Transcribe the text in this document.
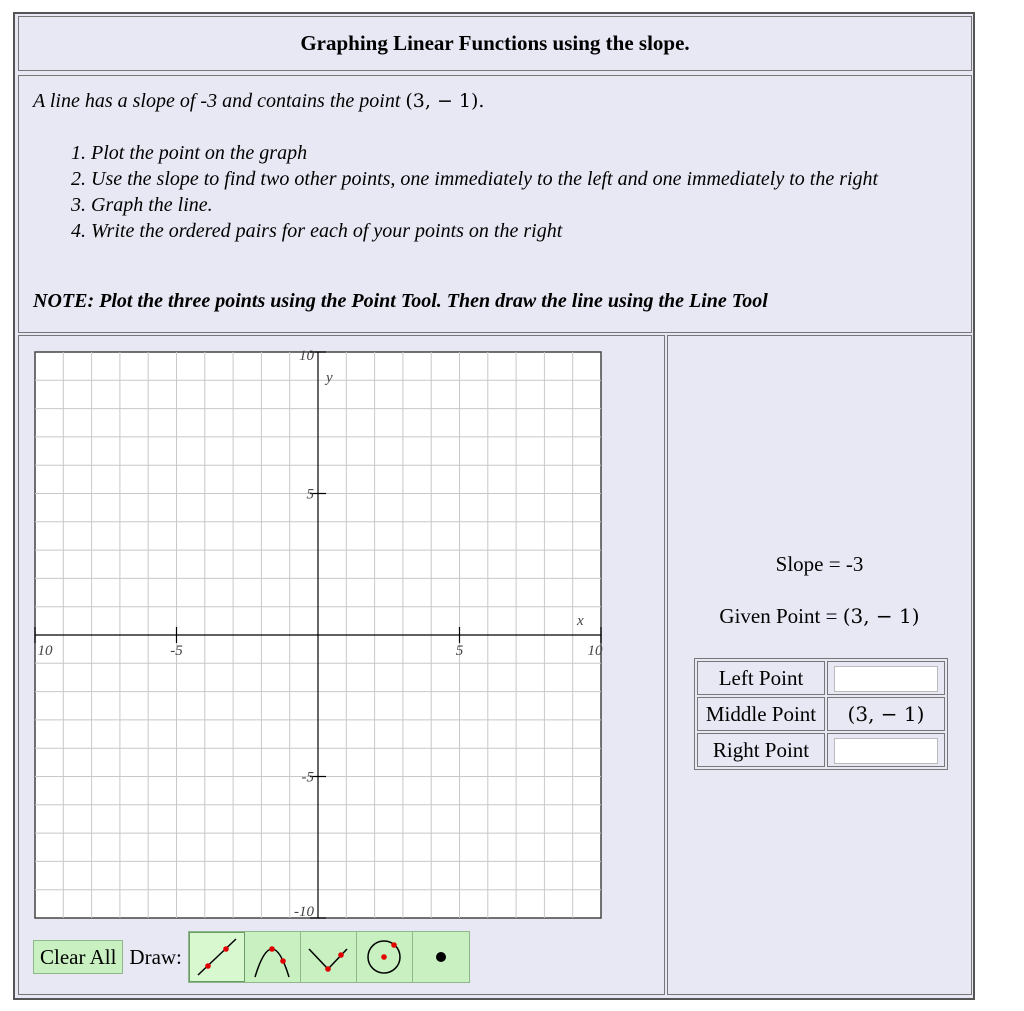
Graphing Linear Functions using the slope.
A line has a slope of -3 and contains the point (3, − 1).
1. Plot the point on the graph
2. Use the slope to find two other points, one immediately to the left and one immediately to the right
3. Graph the line.
4. Write the ordered pairs for each of your points on the right
NOTE: Plot the three points using the Point Tool. Then draw the line using the Line Tool
10	-5	5	10
10
5
-5
-10
x
y
Clear All Draw:
Slope = -3
Given Point = (3, − 1)
Left Point	
Middle Point	(3, − 1)
Right Point	
